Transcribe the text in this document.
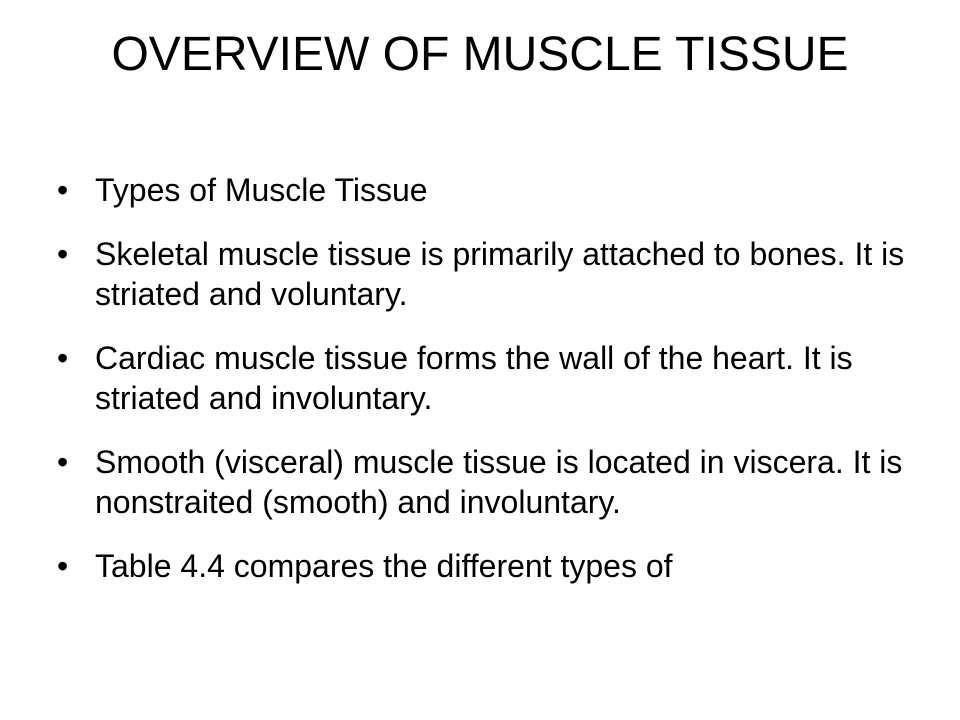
OVERVIEW OF MUSCLE TISSUE
• Types of Muscle Tissue
• Skeletal muscle tissue is primarily attached to bones. It is striated and voluntary.
• Cardiac muscle tissue forms the wall of the heart. It is striated and involuntary.
• Smooth (visceral) muscle tissue is located in viscera. It is nonstraited (smooth) and involuntary.
• Table 4.4 compares the different types of
